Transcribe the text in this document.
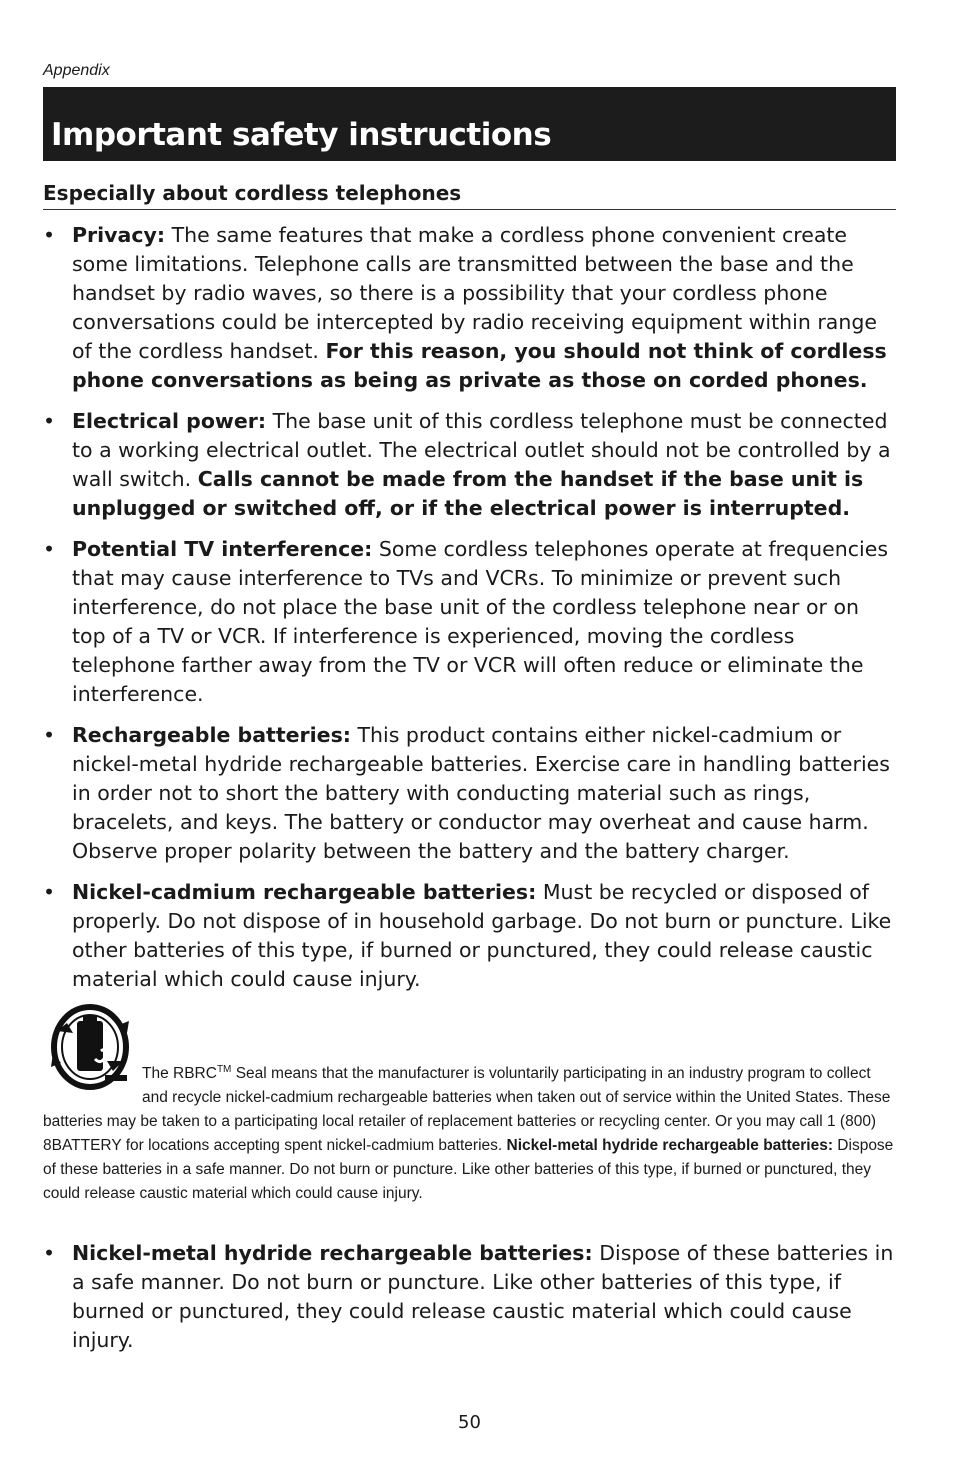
Appendix
Important safety instructions
Especially about cordless telephones

• Privacy: The same features that make a cordless phone convenient create some limitations. Telephone calls are transmitted between the base and the handset by radio waves, so there is a possibility that your cordless phone conversations could be intercepted by radio receiving equipment within range of the cordless handset. For this reason, you should not think of cordless phone conversations as being as private as those on corded phones.

• Electrical power: The base unit of this cordless telephone must be connected to a working electrical outlet. The electrical outlet should not be controlled by a wall switch. Calls cannot be made from the handset if the base unit is unplugged or switched off, or if the electrical power is interrupted.

• Potential TV interference: Some cordless telephones operate at frequencies that may cause interference to TVs and VCRs. To minimize or prevent such interference, do not place the base unit of the cordless telephone near or on top of a TV or VCR. If interference is experienced, moving the cordless telephone farther away from the TV or VCR will often reduce or eliminate the interference.

• Rechargeable batteries: This product contains either nickel-cadmium or nickel-metal hydride rechargeable batteries. Exercise care in handling batteries in order not to short the battery with conducting material such as rings, bracelets, and keys. The battery or conductor may overheat and cause harm. Observe proper polarity between the battery and the battery charger.

• Nickel-cadmium rechargeable batteries: Must be recycled or disposed of properly. Do not dispose of in household garbage. Do not burn or puncture. Like other batteries of this type, if burned or punctured, they could release caustic material which could cause injury.

The RBRC™ Seal means that the manufacturer is voluntarily participating in an industry program to collect and recycle nickel-cadmium rechargeable batteries when taken out of service within the United States. These batteries may be taken to a participating local retailer of replacement batteries or recycling center. Or you may call 1 (800) 8BATTERY for locations accepting spent nickel-cadmium batteries. Nickel-metal hydride rechargeable batteries: Dispose of these batteries in a safe manner. Do not burn or puncture. Like other batteries of this type, if burned or punctured, they could release caustic material which could cause injury.

• Nickel-metal hydride rechargeable batteries: Dispose of these batteries in a safe manner. Do not burn or puncture. Like other batteries of this type, if burned or punctured, they could release caustic material which could cause injury.

50
